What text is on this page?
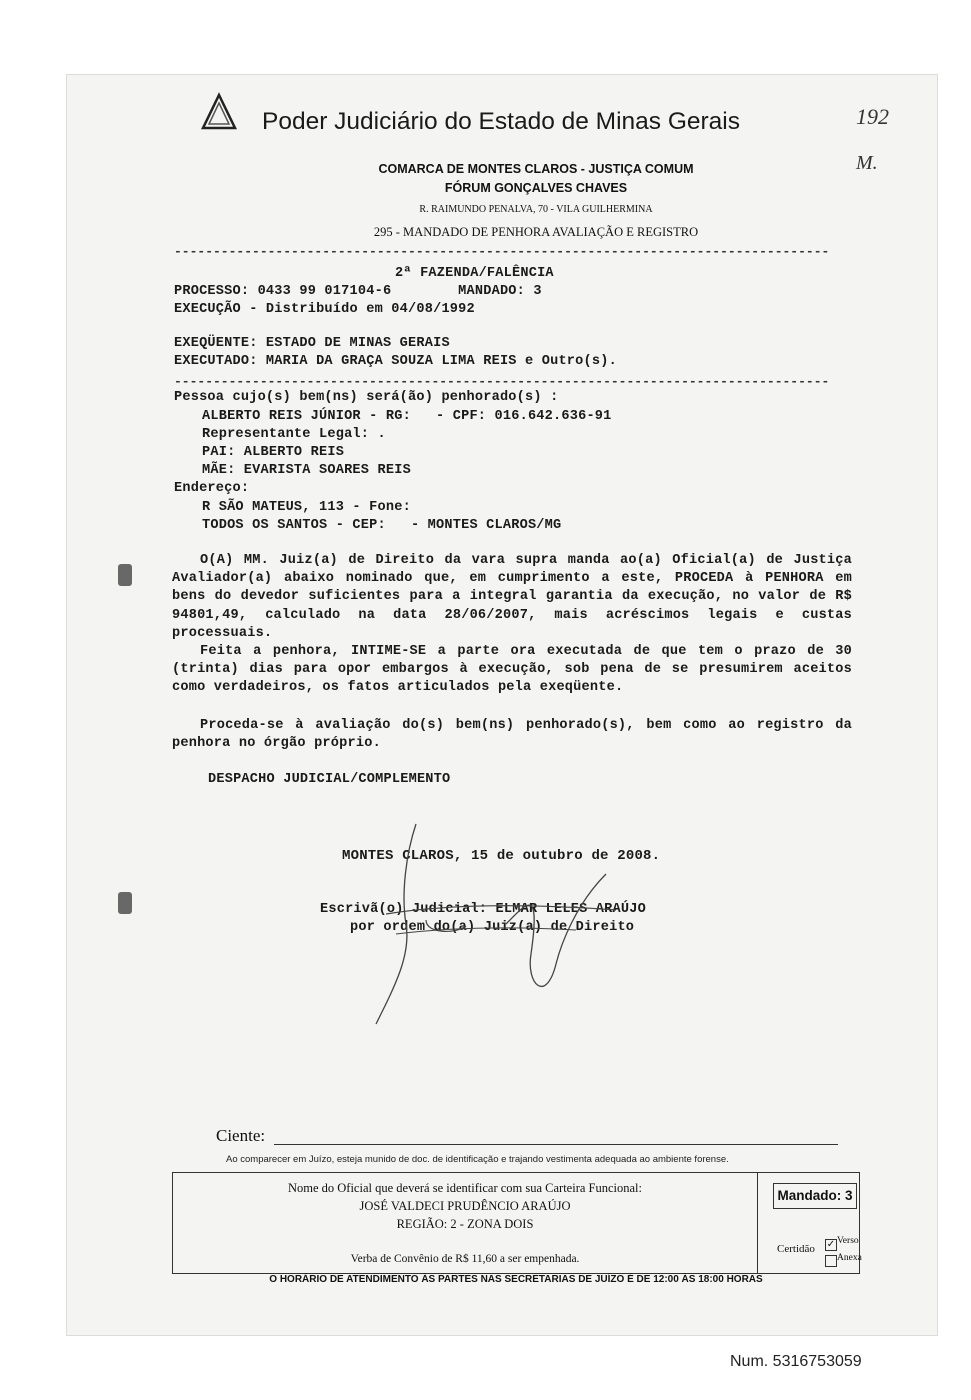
Poder Judiciário do Estado de Minas Gerais	192
M.
COMARCA DE MONTES CLAROS - JUSTIÇA COMUM
FÓRUM GONÇALVES CHAVES
R. RAIMUNDO PENALVA, 70 - VILA GUILHERMINA
295 - MANDADO DE PENHORA AVALIAÇÃO E REGISTRO
------------------------------------------------------------------------------------
2ª FAZENDA/FALÊNCIA
PROCESSO: 0433 99 017104-6        MANDADO: 3
EXECUÇÃO - Distribuído em 04/08/1992
EXEQÜENTE: ESTADO DE MINAS GERAIS
EXECUTADO: MARIA DA GRAÇA SOUZA LIMA REIS e Outro(s).
------------------------------------------------------------------------------------
Pessoa cujo(s) bem(ns) será(ão) penhorado(s) :
ALBERTO REIS JÚNIOR - RG:   - CPF: 016.642.636-91
Representante Legal: .
PAI: ALBERTO REIS
MÃE: EVARISTA SOARES REIS
Endereço:
R SÃO MATEUS, 113 - Fone:
TODOS OS SANTOS - CEP:   - MONTES CLAROS/MG
O(A) MM. Juiz(a) de Direito da vara supra manda ao(a) Oficial(a) de Justiça Avaliador(a) abaixo nominado que, em cumprimento a este, PROCEDA à PENHORA em bens do devedor suficientes para a integral garantia da execução, no valor de R$ 94801,49, calculado na data 28/06/2007, mais acréscimos legais e custas processuais.
Feita a penhora, INTIME-SE a parte ora executada de que tem o prazo de 30 (trinta) dias para opor embargos à execução, sob pena de se presumirem aceitos como verdadeiros, os fatos articulados pela exeqüente.
Proceda-se à avaliação do(s) bem(ns) penhorado(s), bem como ao registro da penhora no órgão próprio.
DESPACHO JUDICIAL/COMPLEMENTO
MONTES CLAROS, 15 de outubro de 2008.
Escrivã(o) Judicial: ELMAR LELES ARAÚJO
por ordem do(a) Juiz(a) de Direito
Ciente:
Ao comparecer em Juízo, esteja munido de doc. de identificação e trajando vestimenta adequada ao ambiente forense.
Nome do Oficial que deverá se identificar com sua Carteira Funcional:
JOSÉ VALDECI PRUDÊNCIO ARAÚJO
REGIÃO: 2 - ZONA DOIS
Verba de Convênio de R$ 11,60 a ser empenhada.
Mandado: 3
Certidão ✓ Verso
Anexa
O HORÁRIO DE ATENDIMENTO ÀS PARTES NAS SECRETARIAS DE JUÍZO É DE 12:00 ÀS 18:00 HORAS
Num. 5316753059
